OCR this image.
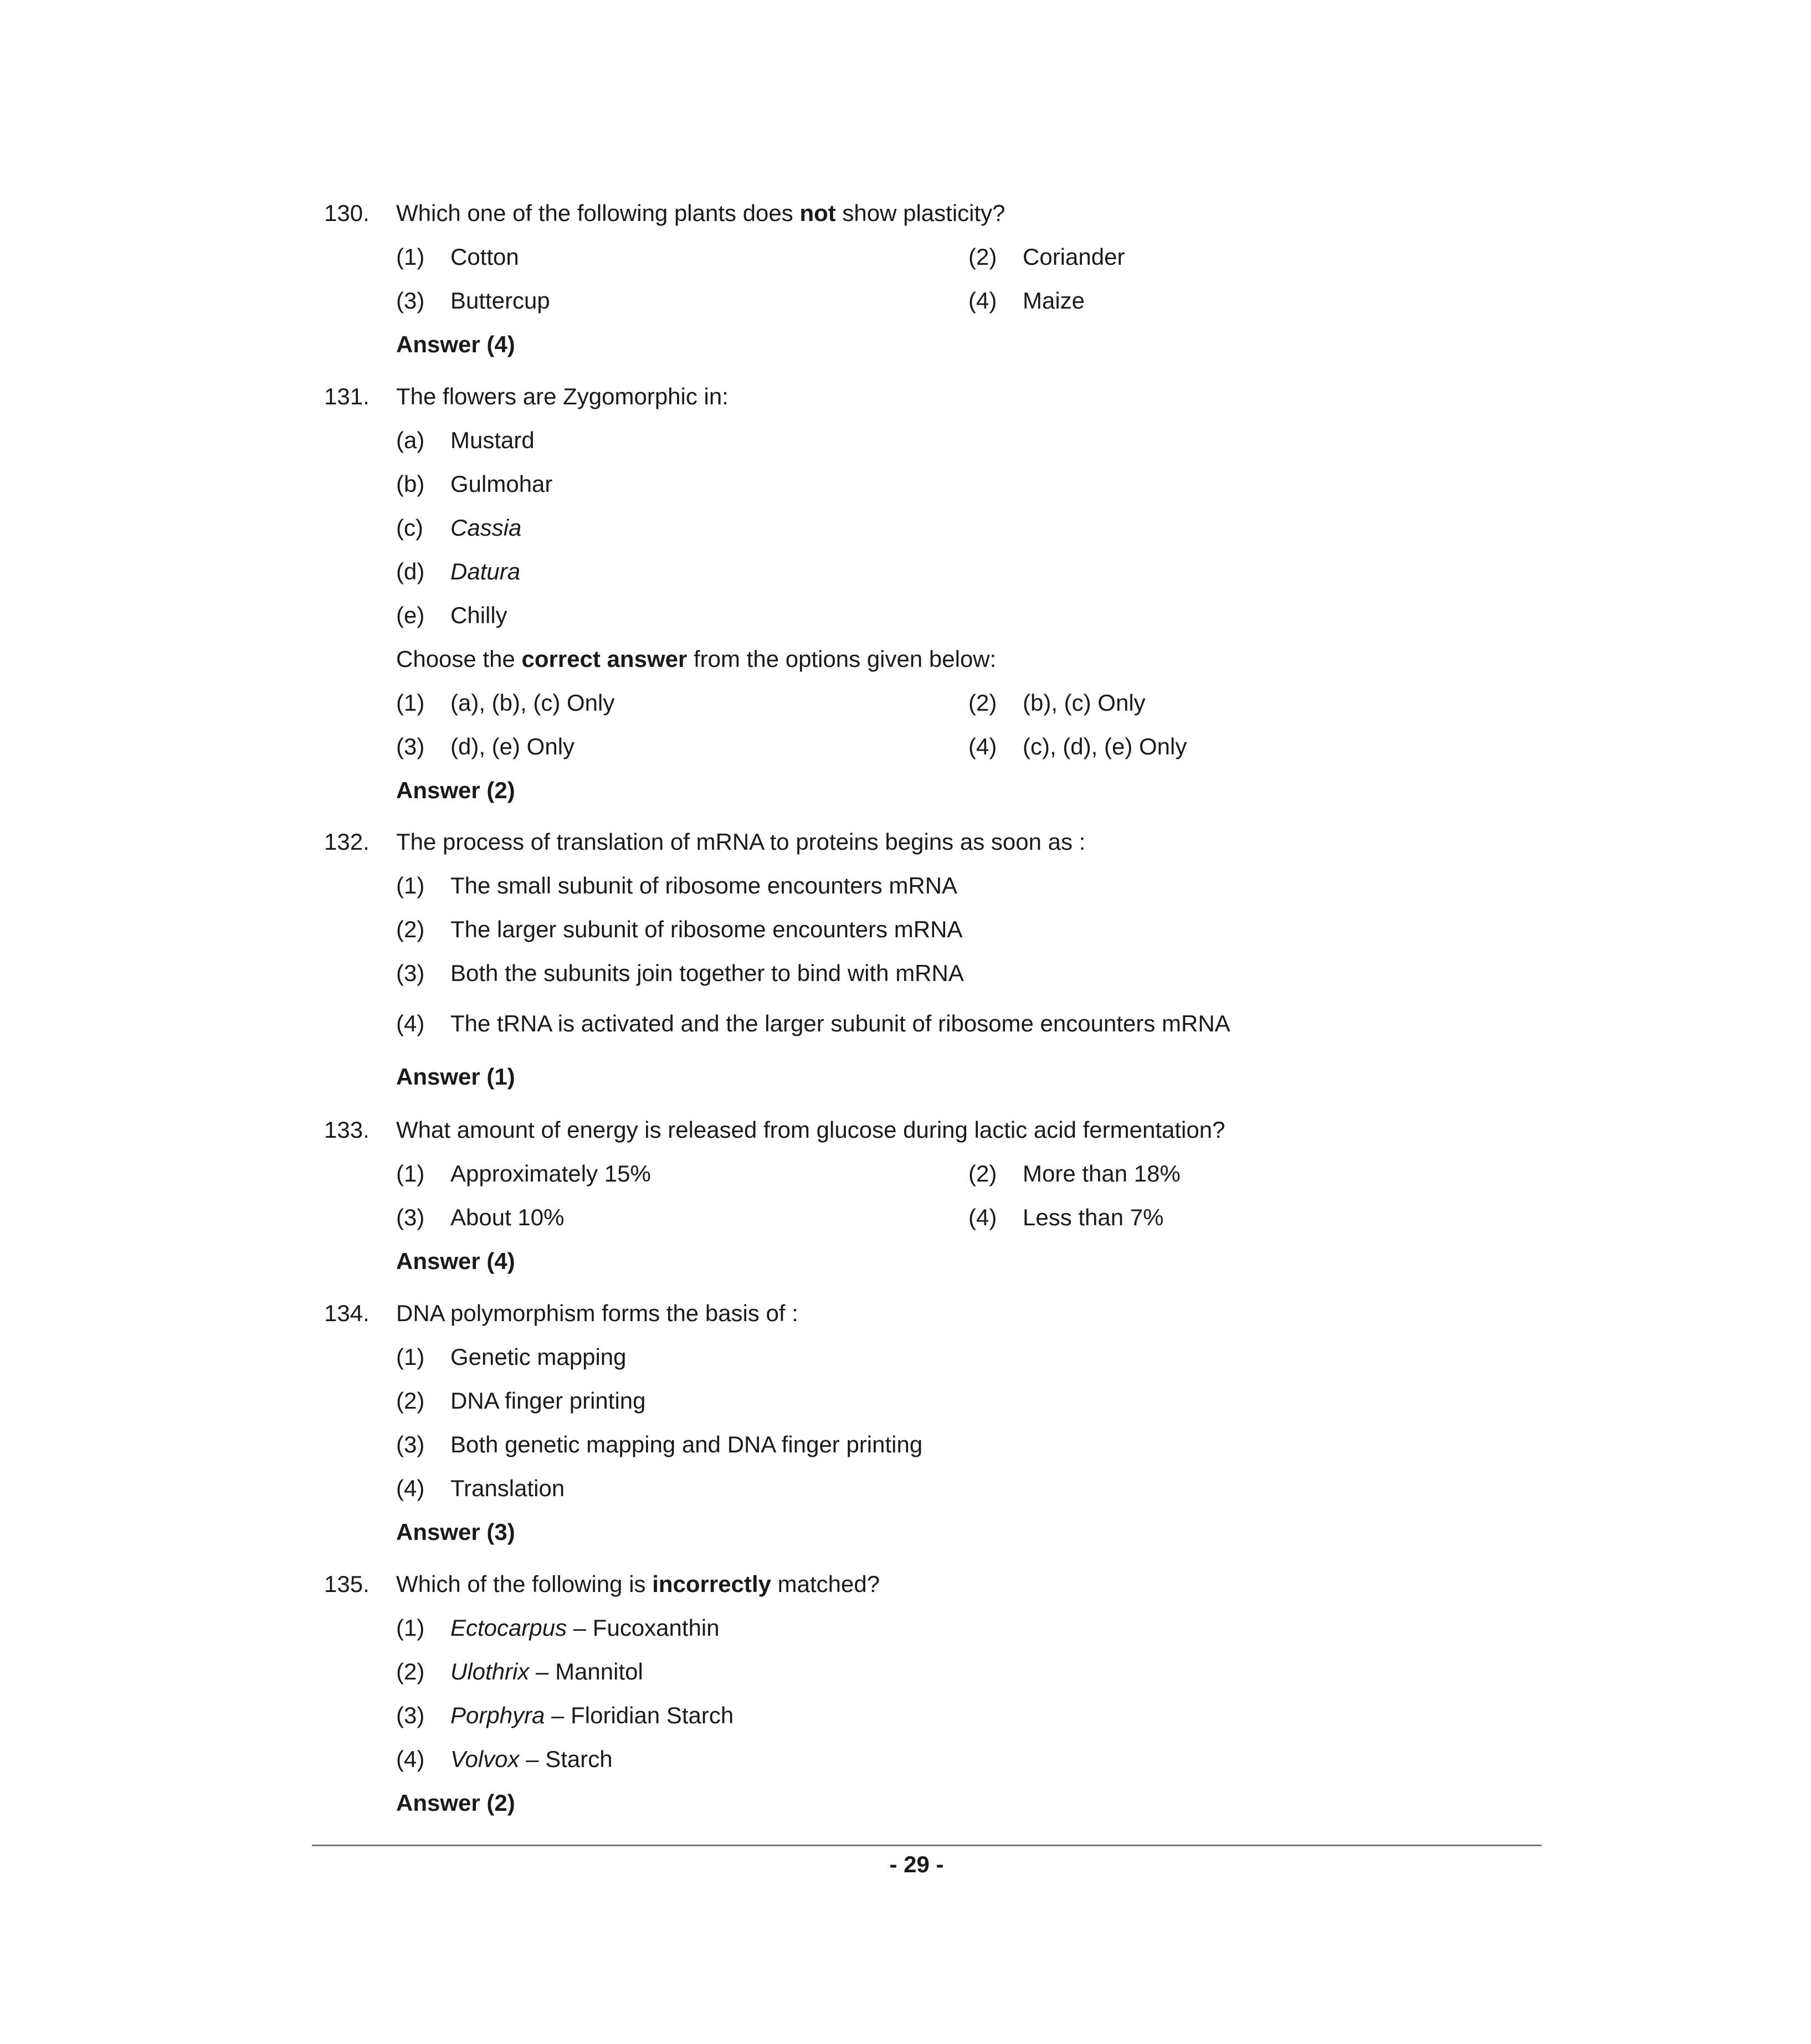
130. Which one of the following plants does not show plasticity?
(1) Cotton	(2) Coriander
(3) Buttercup	(4) Maize
Answer (4)
131. The flowers are Zygomorphic in:
(a) Mustard
(b) Gulmohar
(c) Cassia
(d) Datura
(e) Chilly
Choose the correct answer from the options given below:
(1) (a), (b), (c) Only	(2) (b), (c) Only
(3) (d), (e) Only	(4) (c), (d), (e) Only
Answer (2)
132. The process of translation of mRNA to proteins begins as soon as :
(1) The small subunit of ribosome encounters mRNA
(2) The larger subunit of ribosome encounters mRNA
(3) Both the subunits join together to bind with mRNA
(4) The tRNA is activated and the larger subunit of ribosome encounters mRNA
Answer (1)
133. What amount of energy is released from glucose during lactic acid fermentation?
(1) Approximately 15%	(2) More than 18%
(3) About 10%	(4) Less than 7%
Answer (4)
134. DNA polymorphism forms the basis of :
(1) Genetic mapping
(2) DNA finger printing
(3) Both genetic mapping and DNA finger printing
(4) Translation
Answer (3)
135. Which of the following is incorrectly matched?
(1) Ectocarpus – Fucoxanthin
(2) Ulothrix – Mannitol
(3) Porphyra – Floridian Starch
(4) Volvox – Starch
Answer (2)
- 29 -
